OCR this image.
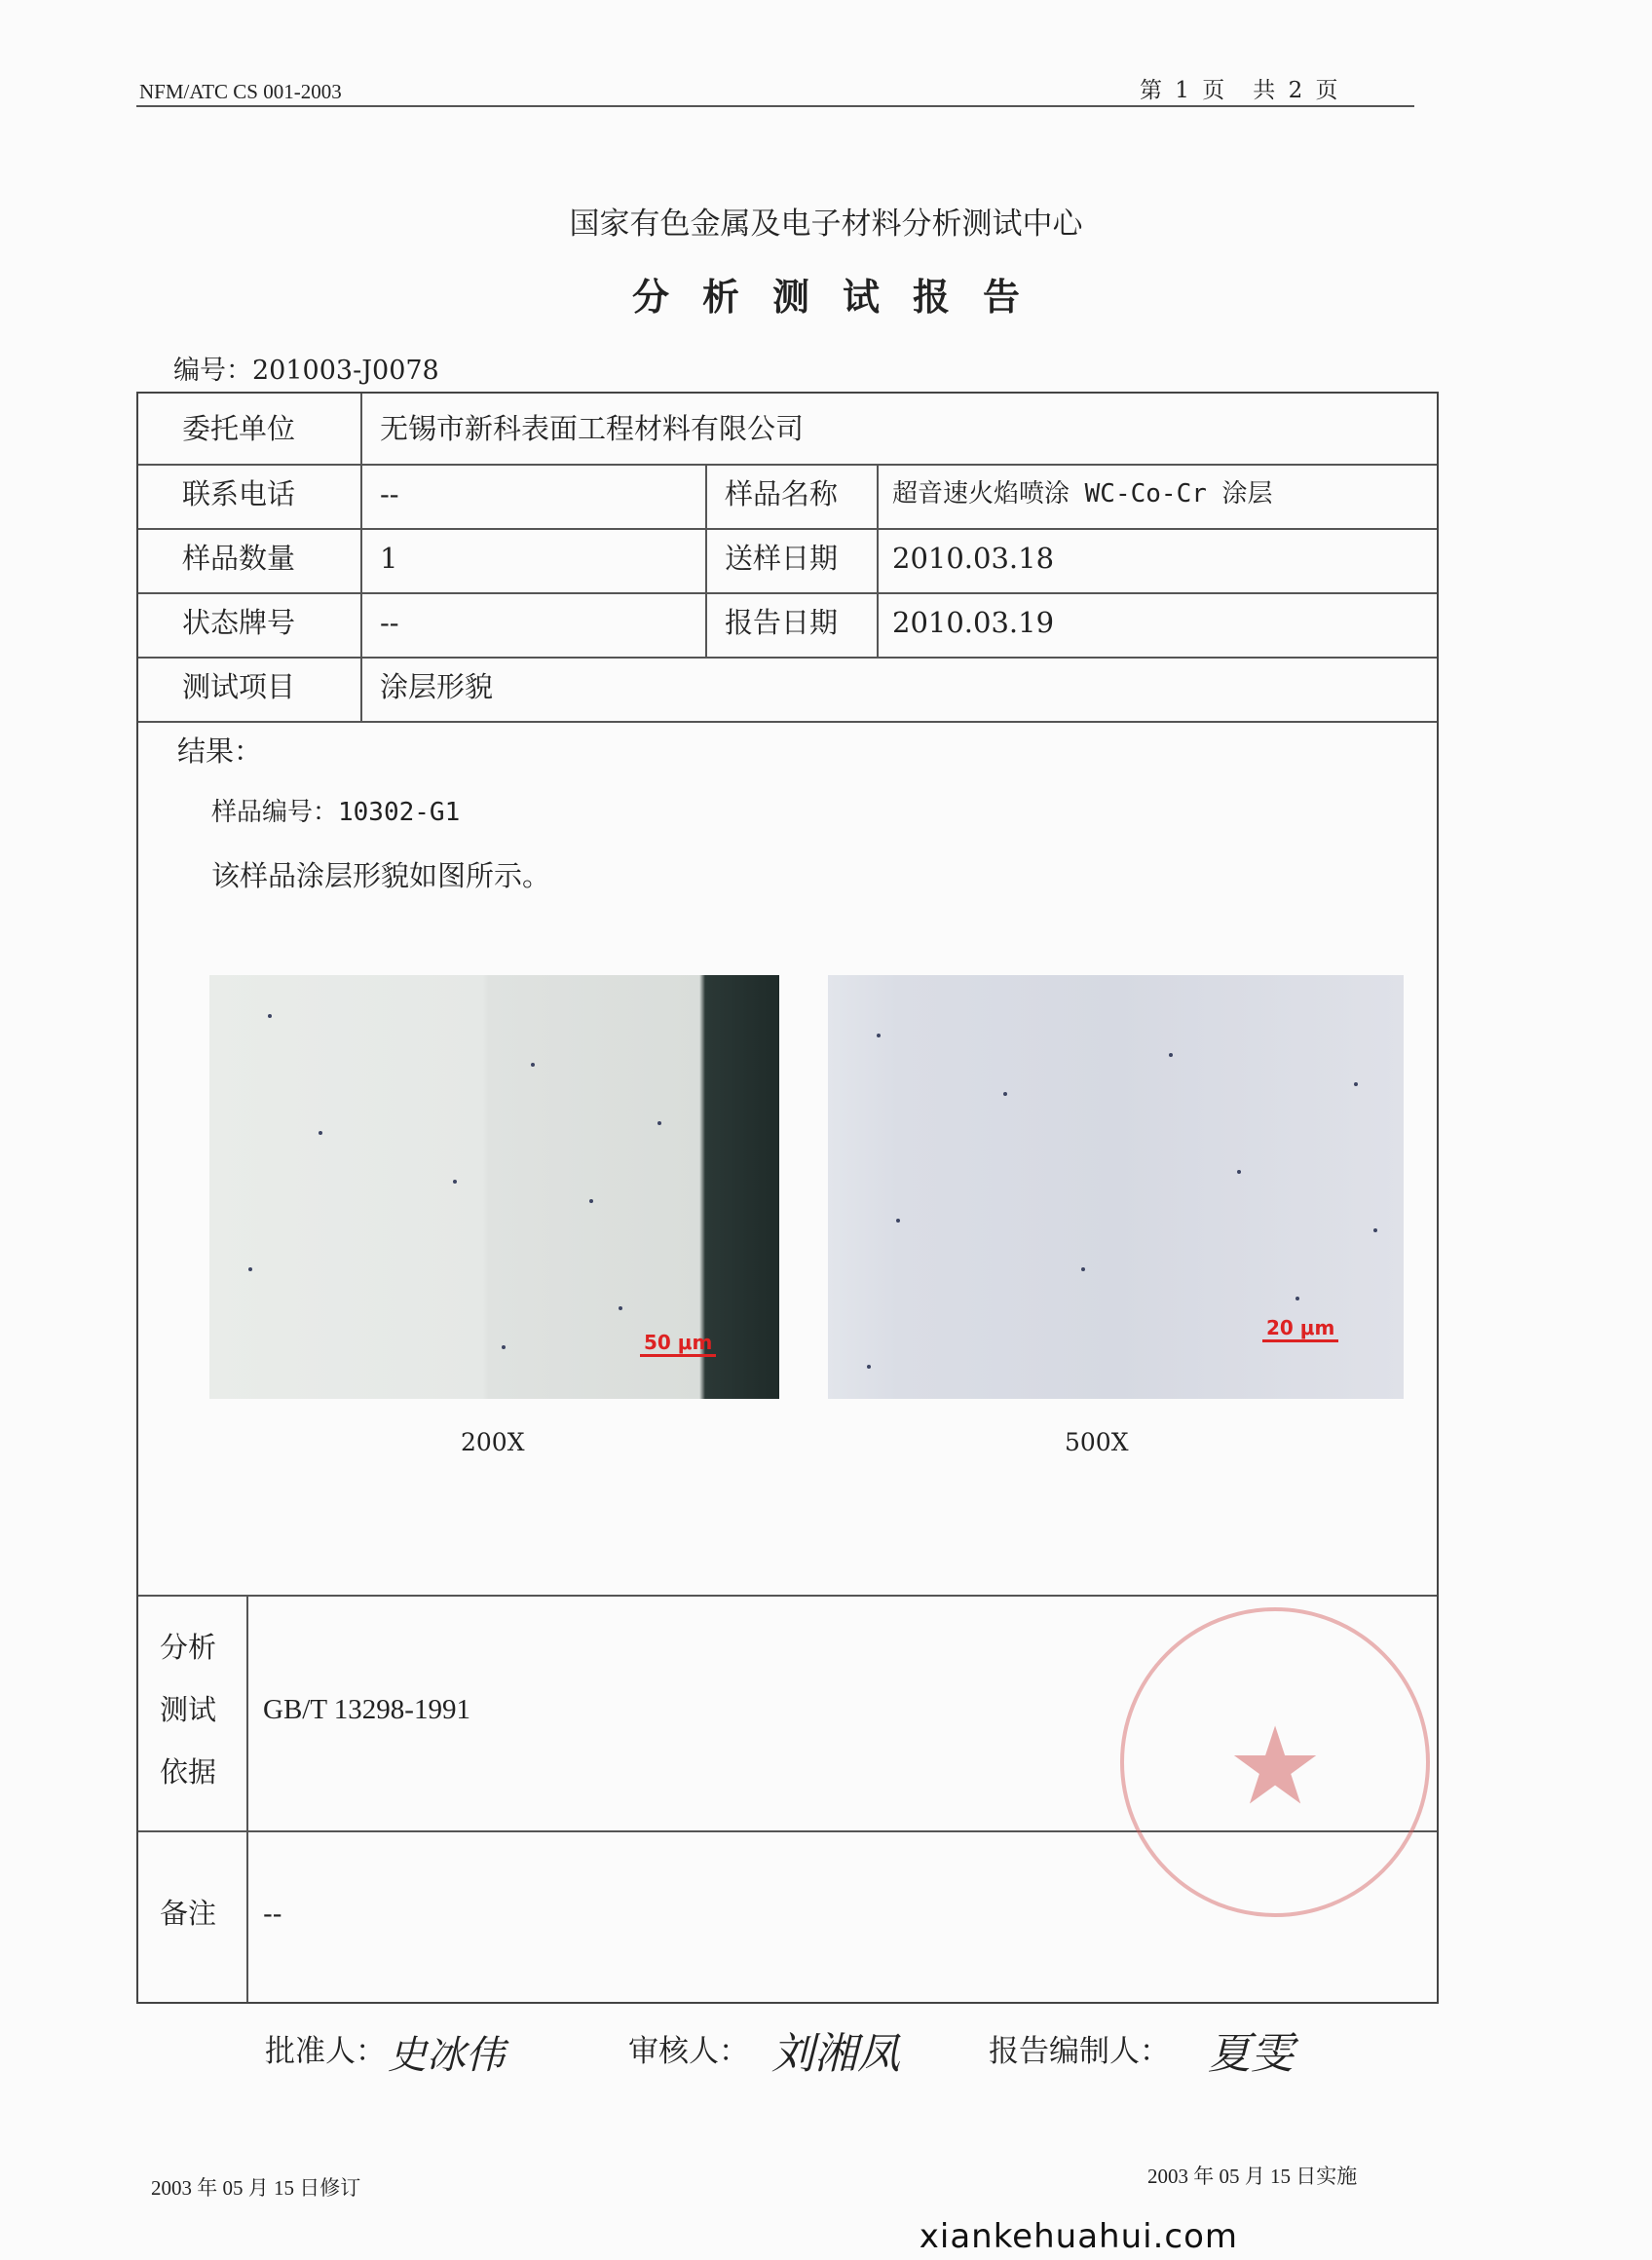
NFM/ATC CS 001-2003	第 1 页　共 2 页
国家有色金属及电子材料分析测试中心
分析测试报告
编号：201003-J0078
委托单位	无锡市新科表面工程材料有限公司
联系电话	--	样品名称 超音速火焰喷涂 WC-Co-Cr 涂层
样品数量	1	送样日期 2010.03.18
状态牌号	--	报告日期 2010.03.19
测试项目	涂层形貌
结果：
样品编号：10302-G1
该样品涂层形貌如图所示。
分析
测试
依据
GB/T 13298-1991
备注 --
50 μm
200X
20 μm
500X
★
批准人： 史冰伟	审核人： 刘湘凤	报告编制人： 夏雯
2003 年 05 月 15 日修订	2003 年 05 月 15 日实施
xiankehuahui.com
